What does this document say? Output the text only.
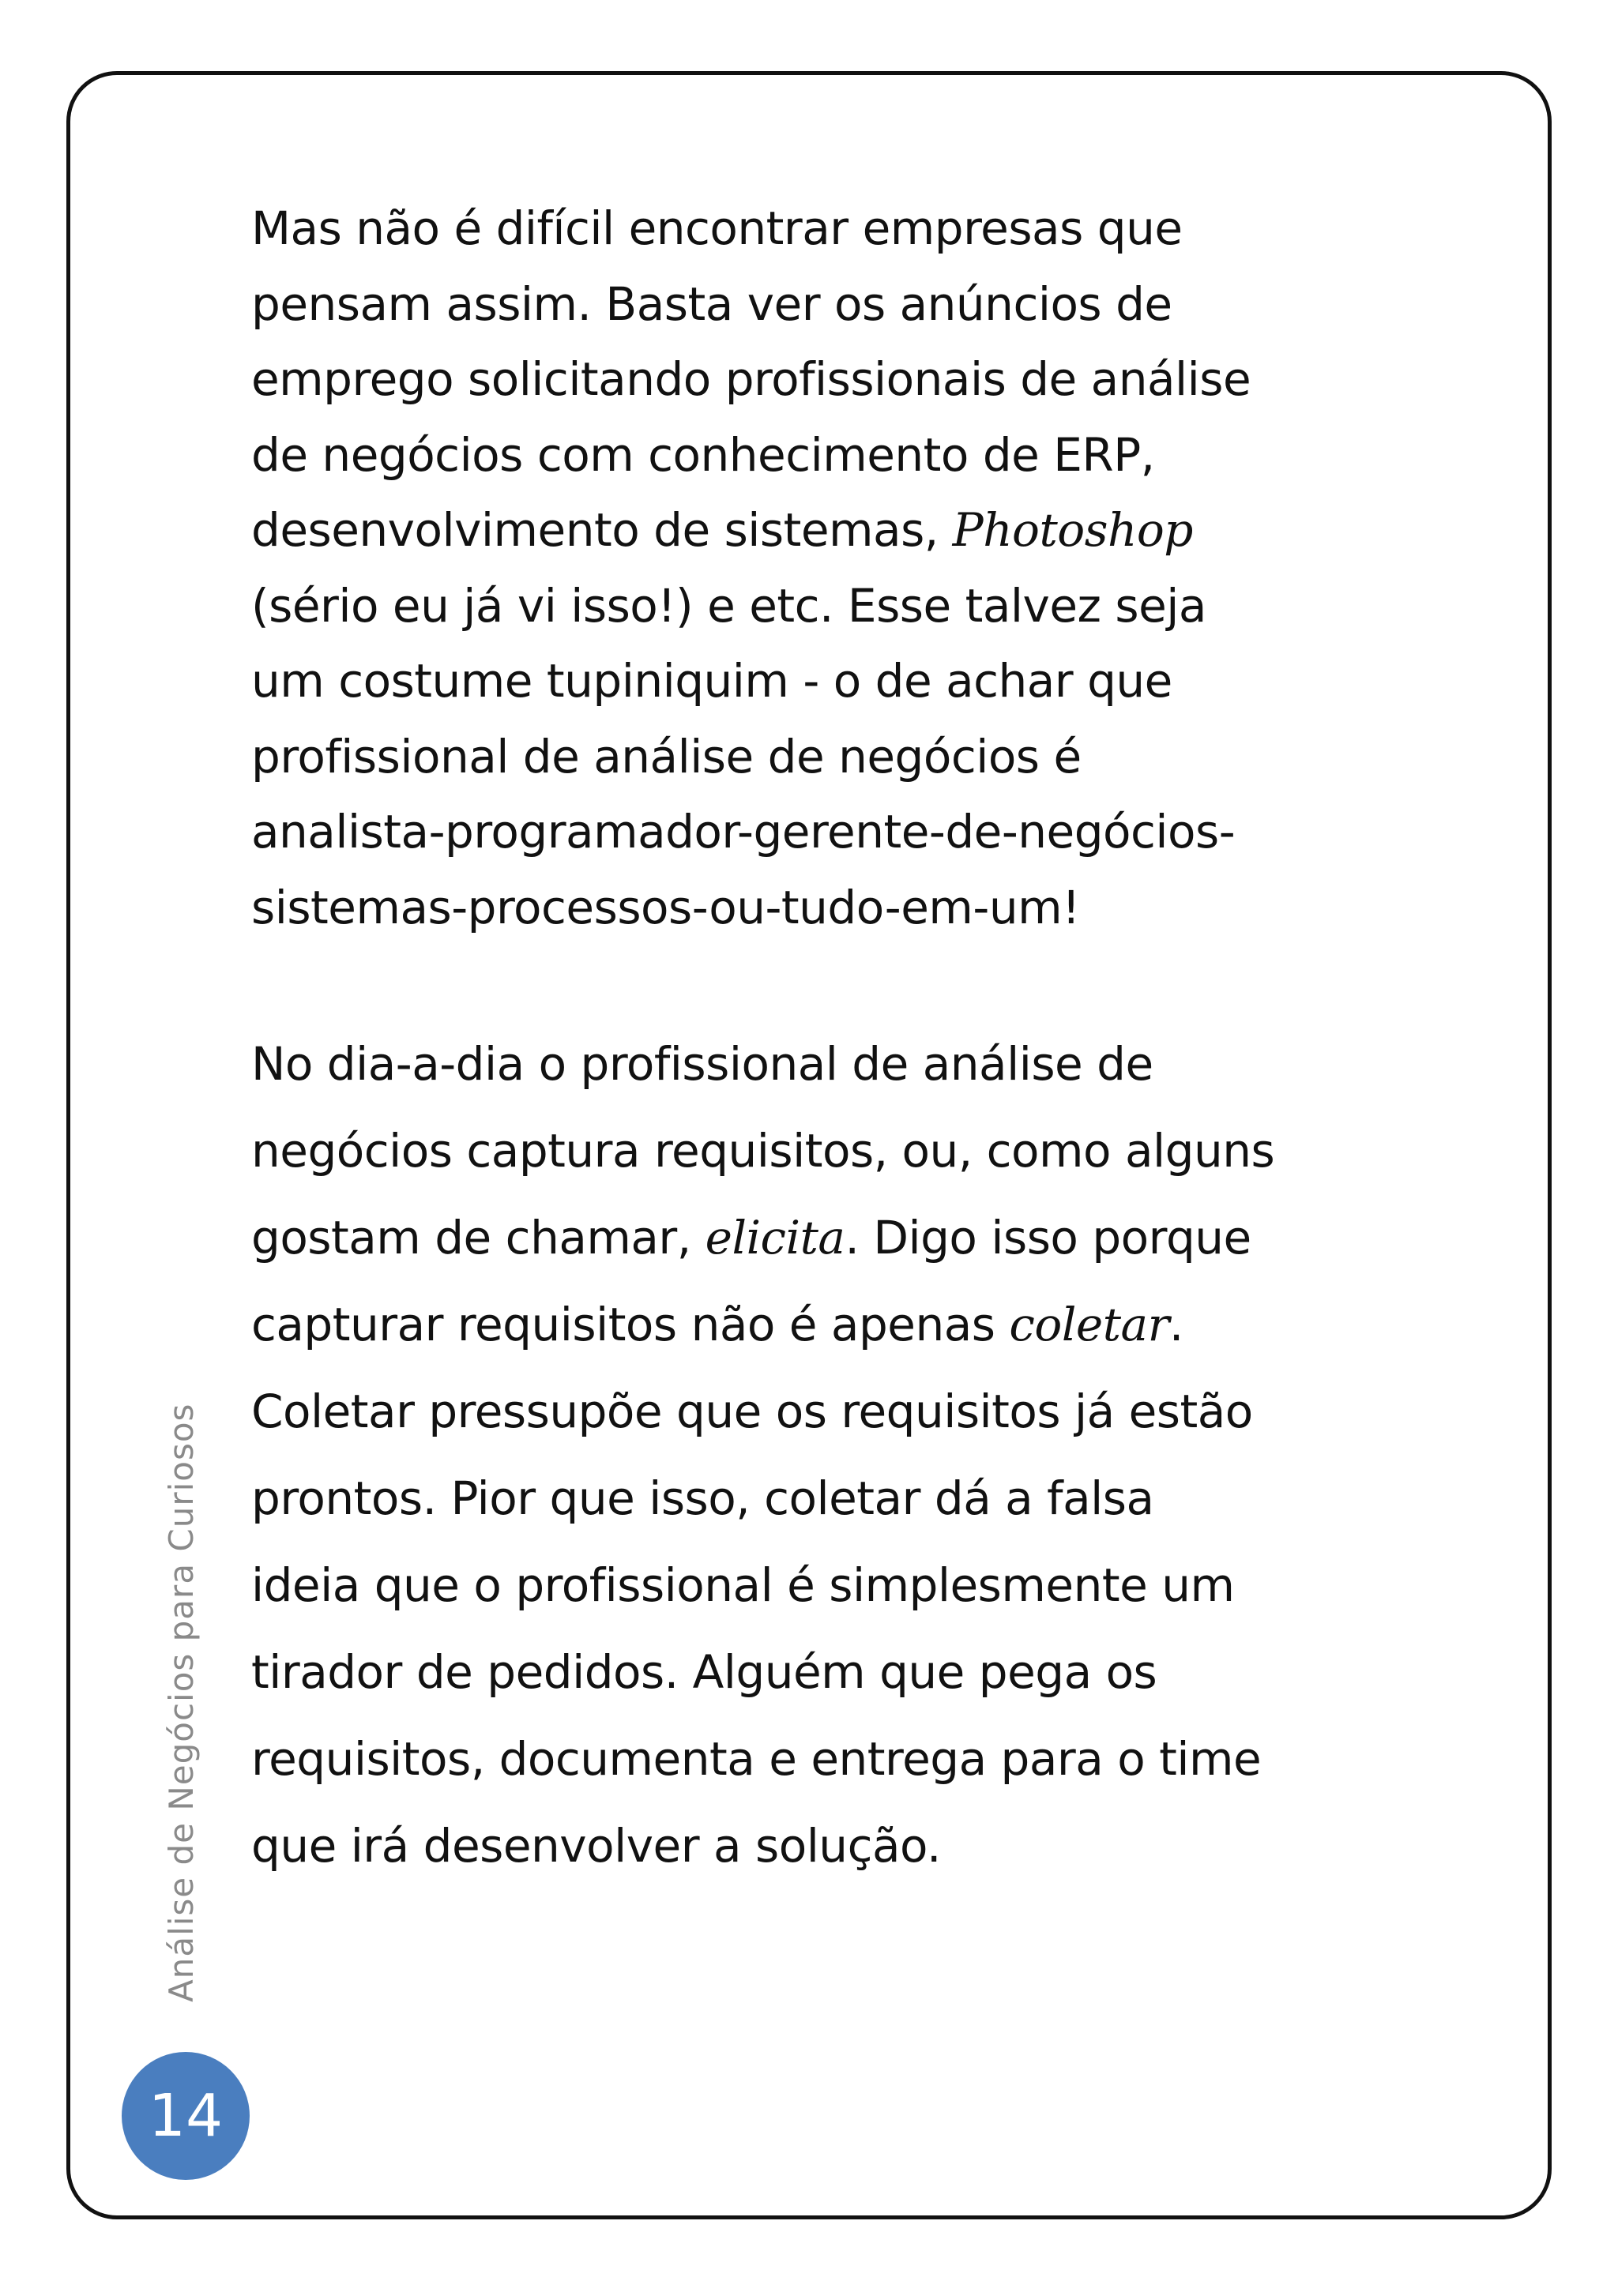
Mas não é difícil encontrar empresas que

pensam assim. Basta ver os anúncios de

emprego solicitando profissionais de análise

de negócios com conhecimento de ERP,

desenvolvimento de sistemas, Photoshop

(sério eu já vi isso!) e etc. Esse talvez seja

um costume tupiniquim - o de achar que

profissional de análise de negócios é

analista-programador-gerente-de-negócios-

sistemas-processos-ou-tudo-em-um!

No dia-a-dia o profissional de análise de

negócios captura requisitos, ou, como alguns

gostam de chamar, elicita. Digo isso porque

capturar requisitos não é apenas coletar.

Coletar pressupõe que os requisitos já estão

prontos. Pior que isso, coletar dá a falsa

ideia que o profissional é simplesmente um

tirador de pedidos. Alguém que pega os

requisitos, documenta e entrega para o time

que irá desenvolver a solução.

Análise de Negócios para Curiosos
14
